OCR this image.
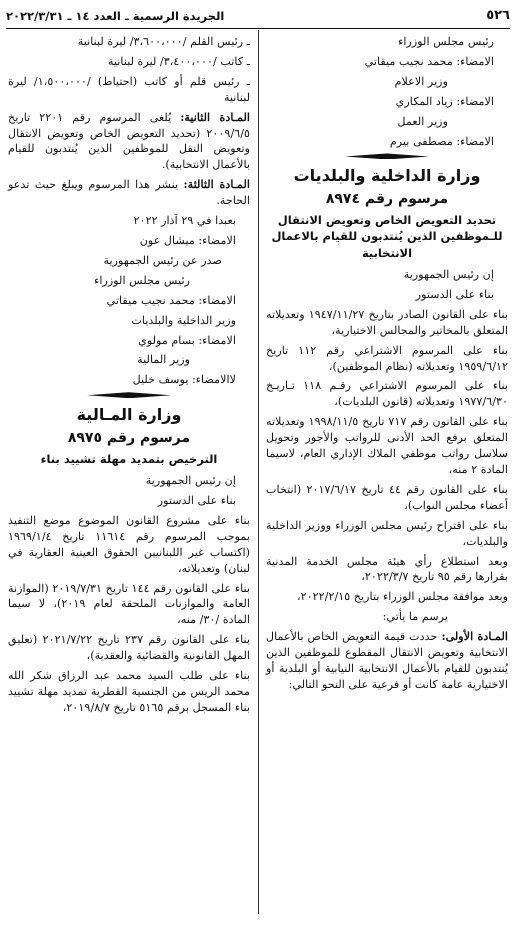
٥٢٦
الجريدة الرسمية ـ العدد ١٤ ـ ٢٠٢٢/٣/٣١

رئيس مجلس الوزراء

الامضاء: محمد نجيب ميقاتي

وزير الاعلام

الامضاء: زياد المكاري

وزير العمل

الامضاء: مصطفى بيرم

وزارة الداخلية والبلديات
مرسوم رقم ٨٩٧٤
تحديد التعويض الخاص وتعويض الانتقال للـموظفين الذين يُنتدبون للقيام بالاعمال الانتخابية

إن رئيس الجمهورية

بناء على الدستور

بناء على القانون الصادر بتاريخ ١٩٤٧/١١/٢٧ وتعديلاته المتعلق بالمخاتير والمجالس الاختيارية،

بناء على المرسوم الاشتراعي رقم ١١٢ تاريخ ١٩٥٩/٦/١٢ وتعديلاته (نظام الموظفين)،

بناء على المرسوم الاشتراعي رقـم ١١٨ تـاريـخ ١٩٧٧/٦/٣٠ وتعديلاته (قانون البلديات)،

بناء على القانون رقم ٧١٧ تاريخ ١٩٩٨/١١/٥ وتعديلاته المتعلق برفع الحد الأدنى للرواتب والأجور وتحويل سلاسل رواتب موظفي الملاك الإداري العام، لاسيما المادة ٢ منه،

بناء على القانون رقم ٤٤ تاريخ ٢٠١٧/٦/١٧ (انتخاب أعضاء مجلس النواب)،

بناء على اقتراح رئيس مجلس الوزراء ووزير الداخلية والبلديات،

وبعد استطلاع رأي هيئة مجلس الخدمة المدنية بقرارها رقم ٩٥ تاريخ ٢٠٢٢/٣/٧،

وبعد موافقة مجلس الوزراء بتاريخ ٢٠٢٢/٢/١٥،

يرسم ما يأتي:

المـادة الأولى: حددت قيمة التعويض الخاص بالأعمال الانتخابية وتعويض الانتقال المقطوع للموظفين الذين يُنتدبون للقيام بالأعمال الانتخابية النيابية أو البلدية أو الاختيارية عامة كانت أو فرعية على النحو التالي:

ـ رئيس القلم /٣،٦٠٠،٠٠٠/ ليرة لبنانية

ـ كاتب /٣،٤٠٠،٠٠٠/ ليرة لبنانية

ـ رئيس قلم أو كاتب (احتياط) /١،٥٠٠،٠٠٠/ ليرة لبنانية

المـادة الثانية: يُلغى المرسوم رقم ٢٢٠١ تاريخ ٢٠٠٩/٦/٥ (تحديد التعويض الخاص وتعويض الانتقال وتعويض النقل للموظفين الذين يُنتدبون للقيام بالأعمال الانتخابية).

المـادة الثالثة: ينشر هذا المرسوم ويبلغ حيث تدعو الحاجة.

بعبدا في ٢٩ آذار ٢٠٢٢

الامضاء: ميشال عون

صدر عن رئيس الجمهورية

رئيس مجلس الوزراء

الامضاء: محمد نجيب ميقاتي

وزير الداخلية والبلديات

الامضاء: بسام مولوي

وزير المالية

لاالامضاء: يوسف خليل

وزارة المـالية
مرسوم رقم ٨٩٧٥
الترخيص بتمديد مهلة تشييد بناء

إن رئيس الجمهورية

بناء على الدستور

بناء على مشروع القانون الموضوع موضع التنفيذ بموجب المرسوم رقم ١١٦١٤ تاريخ ١٩٦٩/١/٤ (اكتساب غير اللبنانيين الحقوق العينية العقارية في لبنان) وتعديلاته،

بناء على القانون رقم ١٤٤ تاريخ ٢٠١٩/٧/٣١ (الموازنة العامة والموازنات الملحقة لعام ٢٠١٩)، لا سيما المادة /٣٠/ منه،

بناء على القانون رقم ٢٣٧ تاريخ ٢٠٢١/٧/٢٢ (تعليق المهل القانونية والقضائية والعقدية)،

بناء على طلب السيد محمد عبد الرزاق شكر الله محمد الريس من الجنسية القطرية تمديد مهلة تشييد بناء المسجل برقم ٥١٦٥ تاريخ ٢٠١٩/٨/٧،
